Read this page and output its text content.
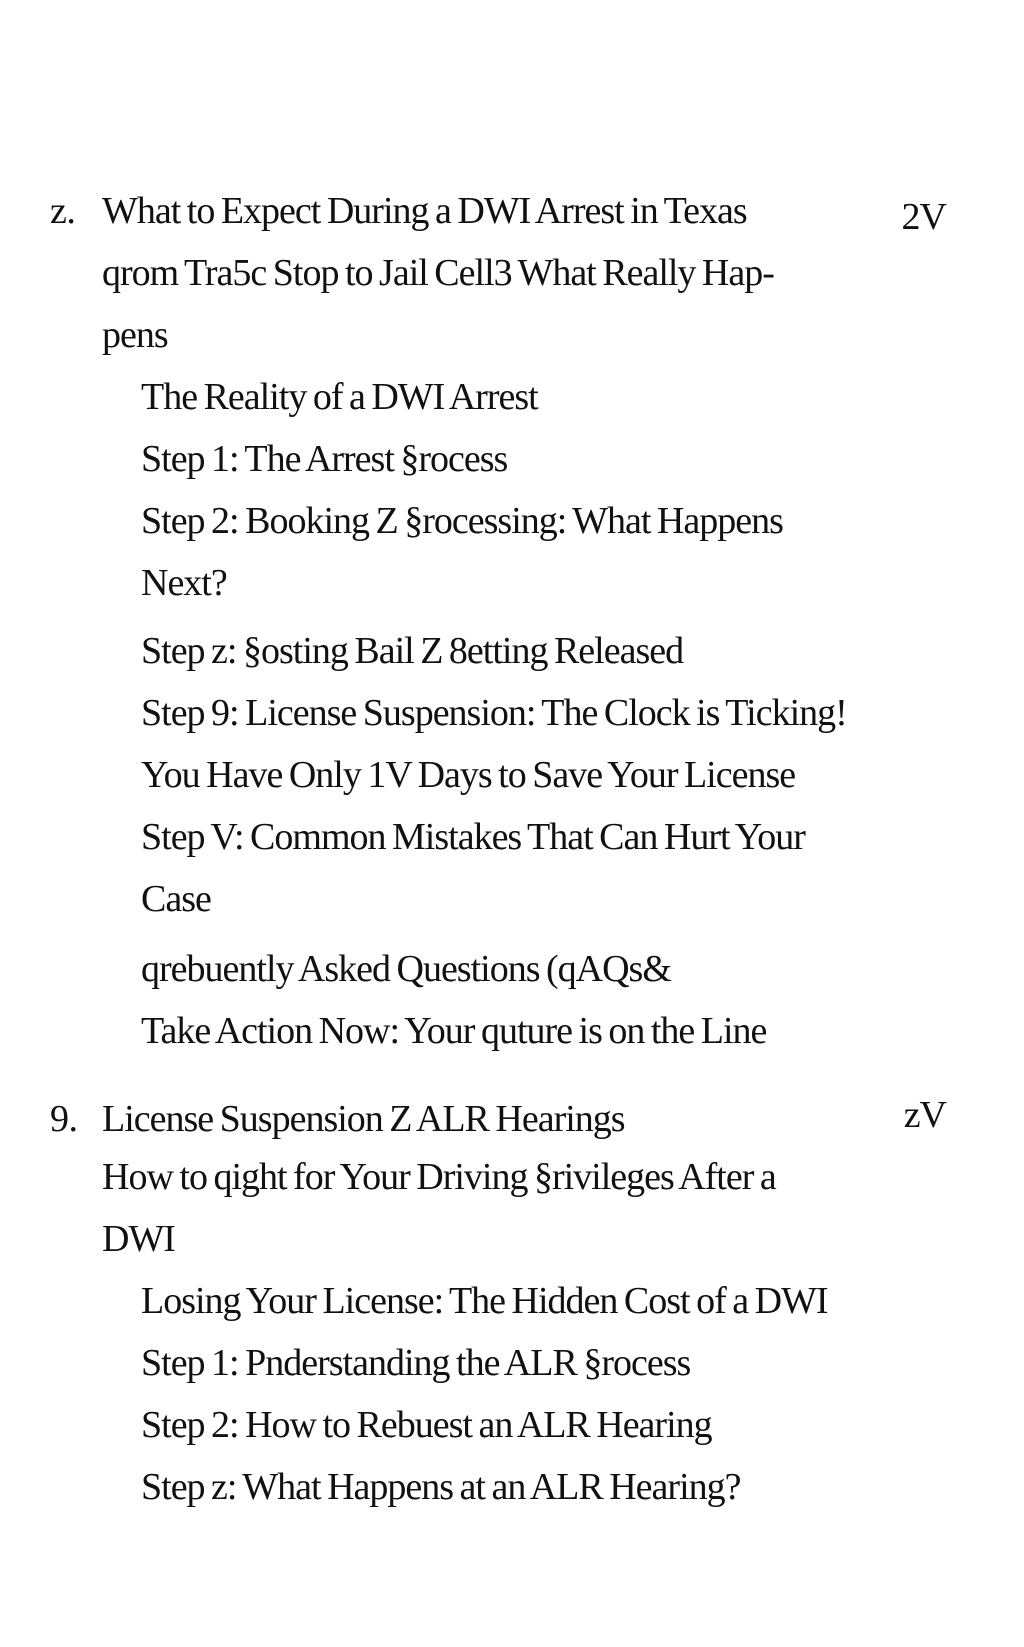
z. What to Expect During a DWI Arrest in Texas
qrom Tra5c Stop to Jail Cell3 What Really Hap-
pens
2V
The Reality of a DWI Arrest
Step 1: The Arrest §rocess
Step 2: Booking Z §rocessing: What Happens
Next?
Step z: §osting Bail Z 8etting Released
Step 9: License Suspension: The Clock is Ticking!
You Have Only 1V Days to Save Your License
Step V: Common Mistakes That Can Hurt Your
Case
qrebuently Asked Questions (qAQs&
Take Action Now: Your quture is on the Line
9. License Suspension Z ALR Hearings
How to qight for Your Driving §rivileges After a
DWI
zV
Losing Your License: The Hidden Cost of a DWI
Step 1: Pnderstanding the ALR §rocess
Step 2: How to Rebuest an ALR Hearing
Step z: What Happens at an ALR Hearing?
